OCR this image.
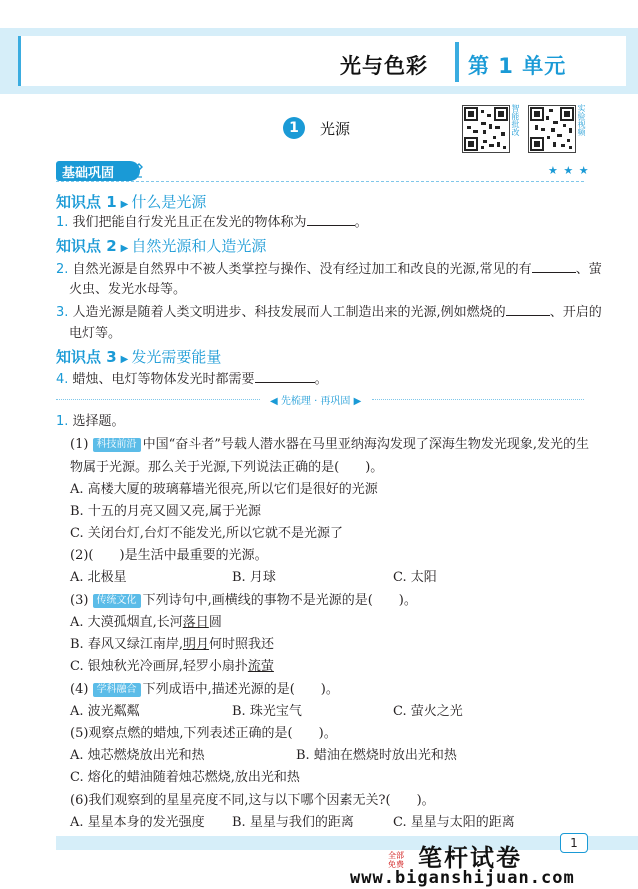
光与色彩 第 1 单元
1	光源	智能批改	实验视频
基础巩固	★ ★ ★
知识点 1 ▶ 什么是光源
1. 我们把能自行发光且正在发光的物体称为	。
知识点 2 ▶ 自然光源和人造光源
2. 自然光源是自然界中不被人类掌控与操作、没有经过加工和改良的光源,常见的有	、萤
火虫、发光水母等。
3. 人造光源是随着人类文明进步、科技发展而人工制造出来的光源,例如燃烧的	、开启的
电灯等。
知识点 3 ▶ 发光需要能量
4. 蜡烛、电灯等物体发光时都需要	。
◀ 先梳理 · 再巩固 ▶
1. 选择题。
(1) 科技前沿 中国“奋斗者”号载人潜水器在马里亚纳海沟发现了深海生物发光现象,发光的生
物属于光源。那么关于光源,下列说法正确的是(　　)。
A. 高楼大厦的玻璃幕墙光很亮,所以它们是很好的光源
B. 十五的月亮又圆又亮,属于光源
C. 关闭台灯,台灯不能发光,所以它就不是光源了
(2)(　　)是生活中最重要的光源。
A. 北极星	B. 月球	C. 太阳
(3) 传统文化 下列诗句中,画横线的事物不是光源的是(　　)。
A. 大漠孤烟直,长河落日圆
B. 春风又绿江南岸,明月何时照我还
C. 银烛秋光冷画屏,轻罗小扇扑流萤
(4) 学科融合 下列成语中,描述光源的是(　　)。
A. 波光粼粼	B. 珠光宝气	C. 萤火之光
(5)观察点燃的蜡烛,下列表述正确的是(　　)。
A. 烛芯燃烧放出光和热	B. 蜡油在燃烧时放出光和热
C. 熔化的蜡油随着烛芯燃烧,放出光和热
(6)我们观察到的星星亮度不同,这与以下哪个因素无关?(　　)。
A. 星星本身的发光强度 B. 星星与我们的距离	C. 星星与太阳的距离
1
全部免费 笔杆试卷
www.biganshijuan.com
